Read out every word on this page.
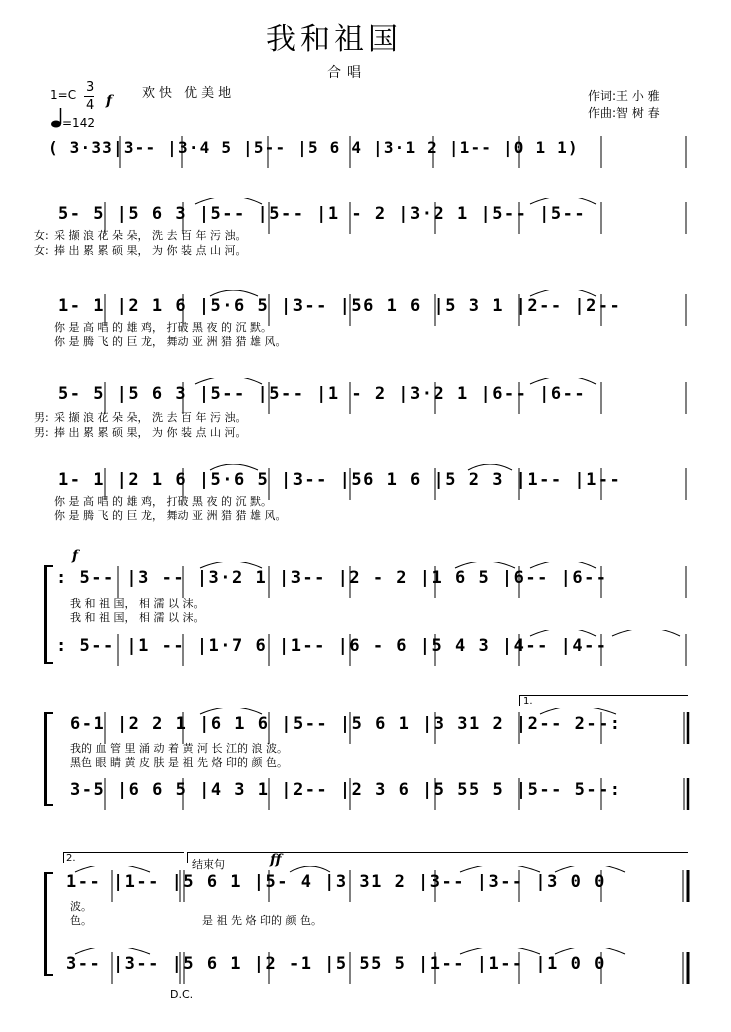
我和祖国
合唱
1=C 3
4 f
=142
欢快 优美地	作词:王 小 雅
作曲:智 树 春
( 3·33|3-- |3·4 5 |5-- |5 6 4 |3·1 2 |1-- |0 1 1)
5- 5 |5 6 3 |5-- |5-- |1 - 2 |3·2 1 |5-- |5--
女:
女:
采 撷 浪 花 朵 朵， 洗 去 百 年 污 浊。
捧 出 累 累 硕 果， 为 你 装 点 山 河。
1- 1 |2 1 6 |5·6 5 |3-- |56 1 6 |5 3 1 |2-- |2--
你 是 高 唱 的 雄 鸡， 打破 黑 夜 的 沉 默。
你 是 腾 飞 的 巨 龙， 舞动 亚 洲 猎 猎 雄 风。
5- 5 |5 6 3 |5-- |5-- |1 - 2 |3·2 1 |6-- |6--
男:
男:
采 撷 浪 花 朵 朵， 洗 去 百 年 污 浊。
捧 出 累 累 硕 果， 为 你 装 点 山 河。
1- 1 |2 1 6 |5·6 5 |3-- |56 1 6 |5 2 3 |1-- |1--
你 是 高 唱 的 雄 鸡， 打破 黑 夜 的 沉 默。
你 是 腾 飞 的 巨 龙， 舞动 亚 洲 猎 猎 雄 风。
f
: 5-- |3 -- |3·2 1 |3-- |2 - 2 |1 6 5 |6-- |6--
我 和 祖 国， 相 濡 以 沫。
我 和 祖 国， 相 濡 以 沫。
: 5-- |1 -- |1·7 6 |1-- |6 - 6 |5 4 3 |4-- |4--
1.
6-1 |2 2 1 |6 1 6 |5-- |5 6 1 |3 31 2 |2-- 2--:
我的 血 管 里 涌 动 着 黄 河 长 江的 浪 波。
黑色 眼 睛 黄 皮 肤 是 祖 先 烙 印的 颜 色。
3-5 |6 6 5 |4 3 1 |2-- |2 3 6 |5 55 5 |5-- 5--:
2.	结束句	ff
1-- |1-- |5 6 1 |5- 4 |3 31 2 |3-- |3-- |3 0 0
波。
色。	是 祖 先 烙 印的 颜 色。
3-- |3-- |5 6 1 |2 -1 |5 55 5 |1-- |1-- |1 0 0
D.C.
